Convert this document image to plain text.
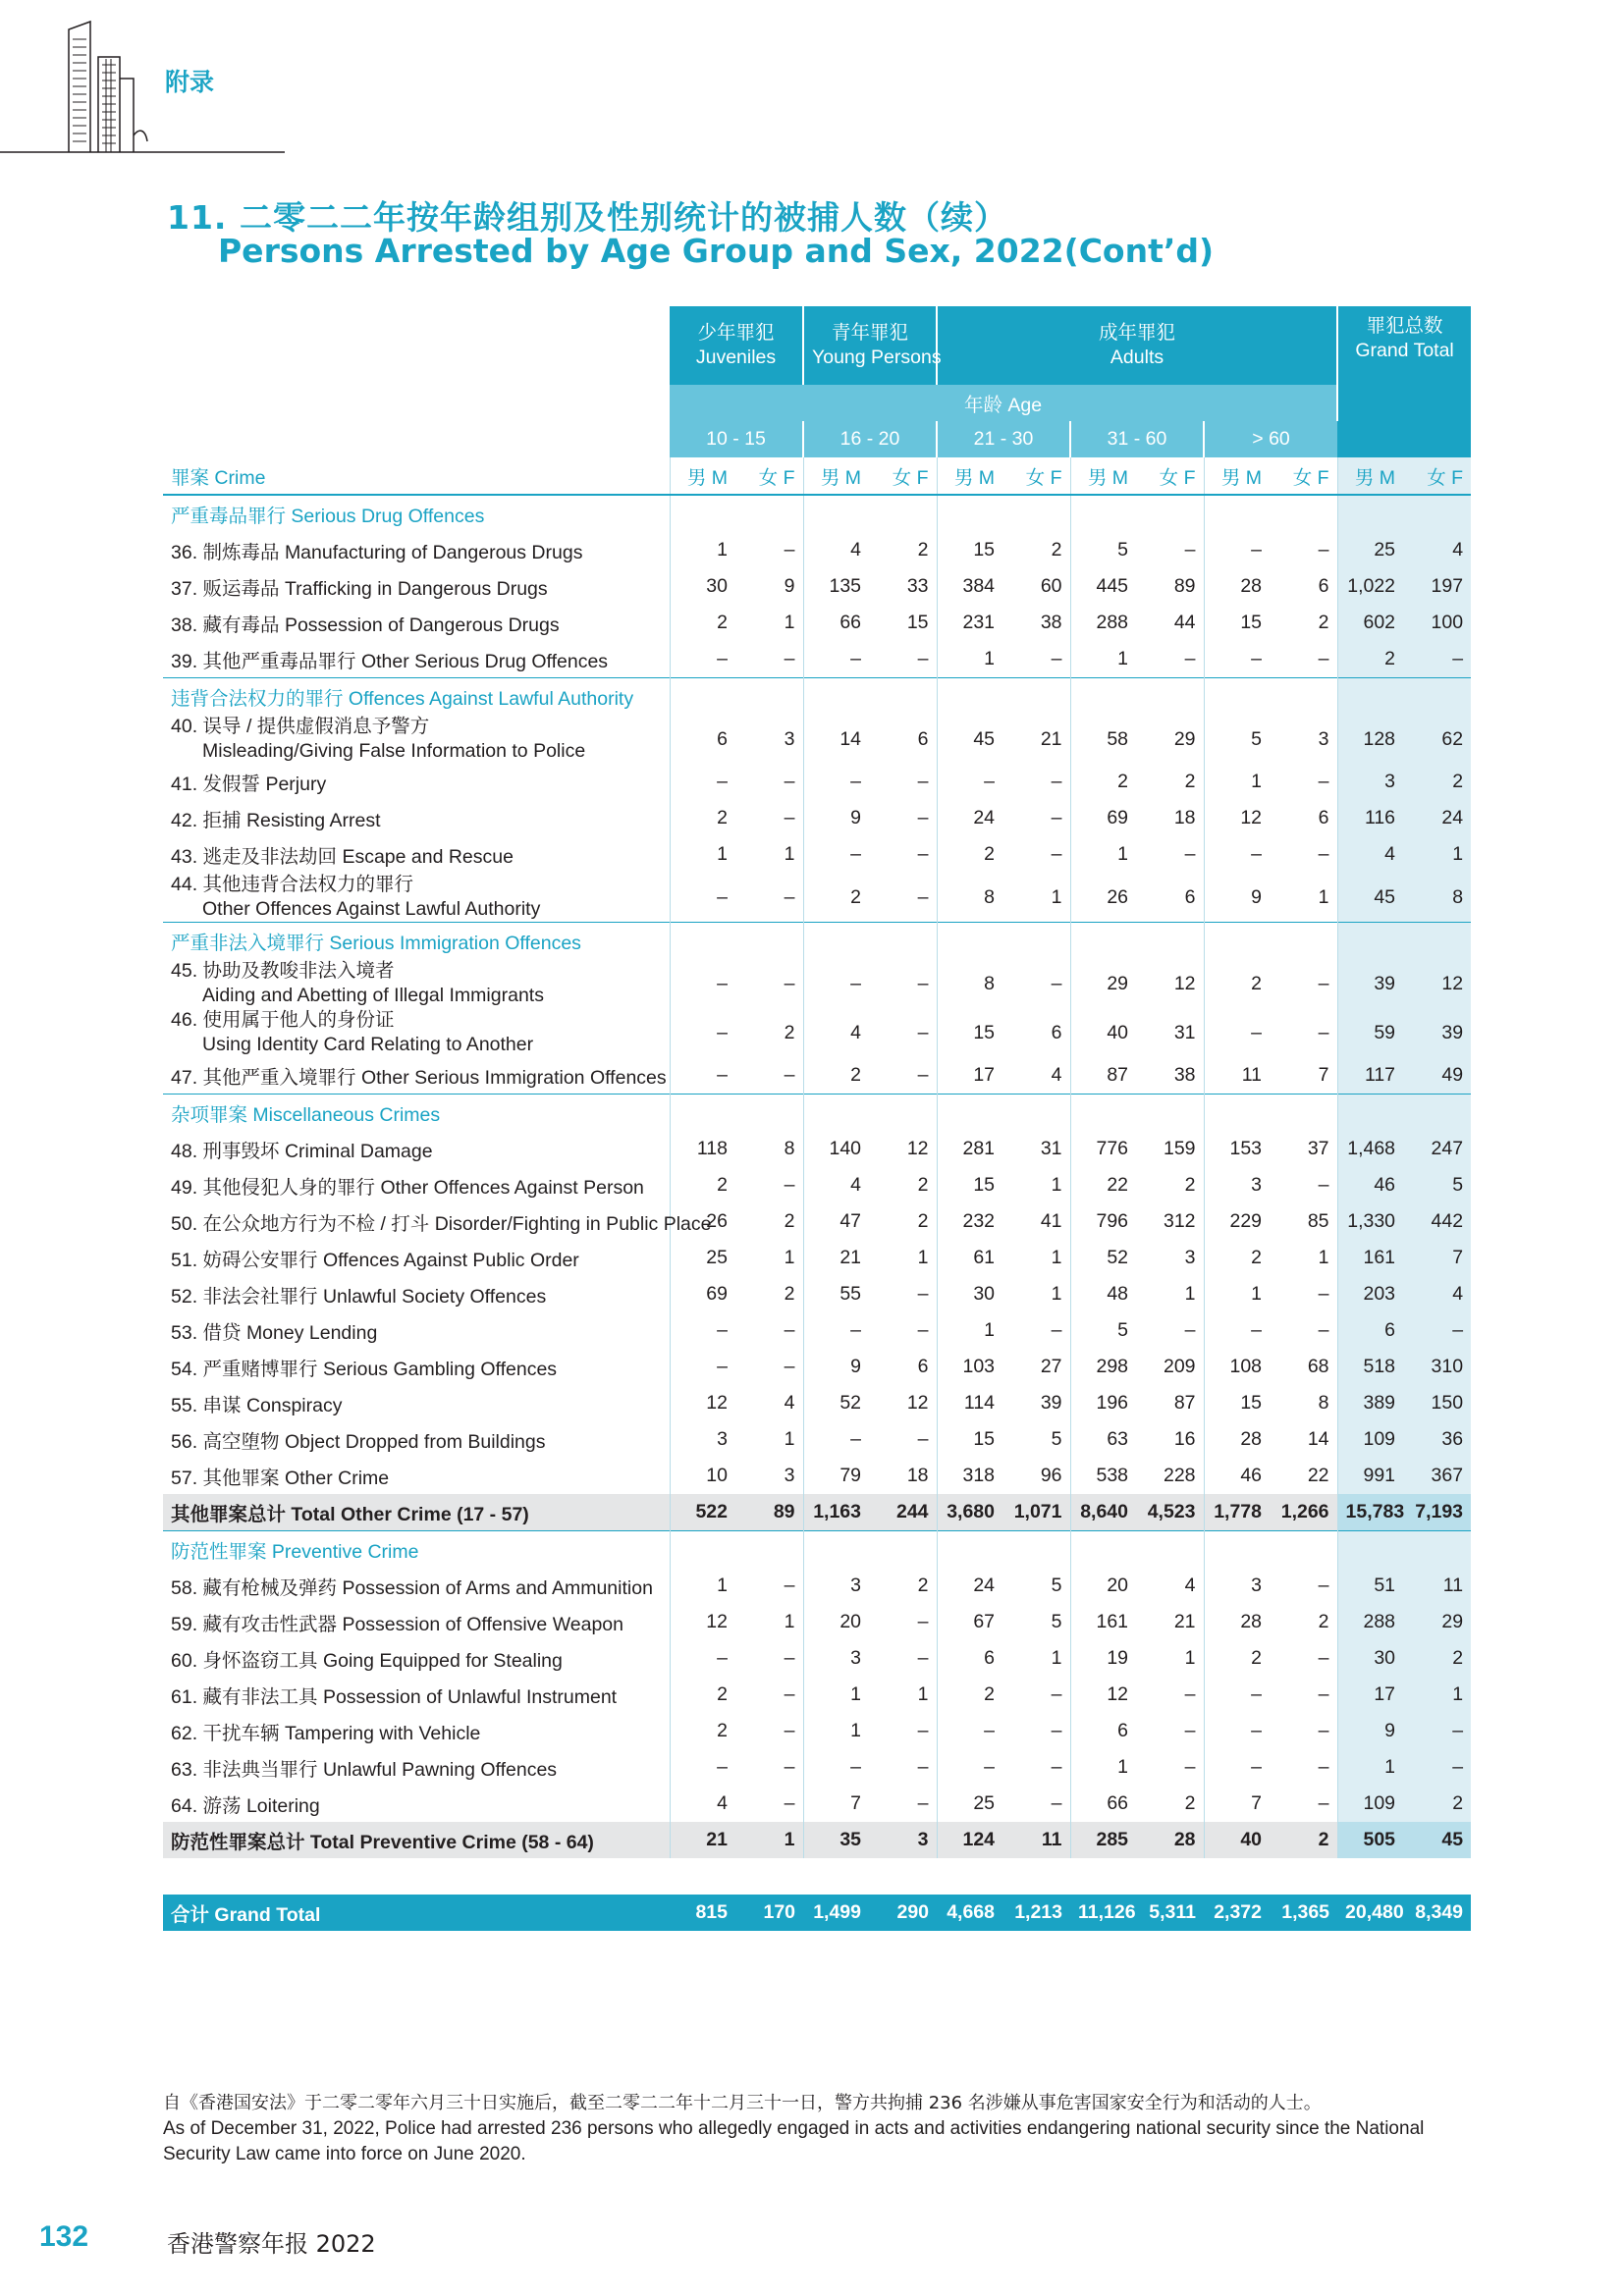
附录
11. 二零二二年按年龄组别及性别统计的被捕人数（续）
Persons Arrested by Age Group and Sex, 2022(Cont’d)
	少年罪犯
Juveniles		青年罪犯
Young Persons		成年罪犯
Adults						罪犯总数
Grand Total	
	年龄 Age											
	10 - 15		16 - 20		21 - 30		31 - 60		> 60			
罪案 Crime	男 M	女 F	男 M	女 F	男 M	女 F	男 M	女 F	男 M	女 F	男 M	女 F
严重毒品罪行 Serious Drug Offences												
36. 制炼毒品 Manufacturing of Dangerous Drugs	1	–	4	2	15	2	5	–	–	–	25	4
37. 贩运毒品 Trafficking in Dangerous Drugs	30	9	135	33	384	60	445	89	28	6	1,022	197
38. 藏有毒品 Possession of Dangerous Drugs	2	1	66	15	231	38	288	44	15	2	602	100
39. 其他严重毒品罪行 Other Serious Drug Offences	–	–	–	–	1	–	1	–	–	–	2	–
违背合法权力的罪行 Offences Against Lawful Authority												
40. 误导 / 提供虚假消息予警方
Misleading/Giving False Information to Police	6	3	14	6	45	21	58	29	5	3	128	62
41. 发假誓 Perjury	–	–	–	–	–	–	2	2	1	–	3	2
42. 拒捕 Resisting Arrest	2	–	9	–	24	–	69	18	12	6	116	24
43. 逃走及非法劫回 Escape and Rescue	1	1	–	–	2	–	1	–	–	–	4	1
44. 其他违背合法权力的罪行
Other Offences Against Lawful Authority	–	–	2	–	8	1	26	6	9	1	45	8
严重非法入境罪行 Serious Immigration Offences												
45. 协助及教唆非法入境者
Aiding and Abetting of Illegal Immigrants	–	–	–	–	8	–	29	12	2	–	39	12
46. 使用属于他人的身份证
Using Identity Card Relating to Another	–	2	4	–	15	6	40	31	–	–	59	39
47. 其他严重入境罪行 Other Serious Immigration Offences	–	–	2	–	17	4	87	38	11	7	117	49
杂项罪案 Miscellaneous Crimes												
48. 刑事毁坏 Criminal Damage	118	8	140	12	281	31	776	159	153	37	1,468	247
49. 其他侵犯人身的罪行 Other Offences Against Person	2	–	4	2	15	1	22	2	3	–	46	5
50. 在公众地方行为不检 / 打斗 Disorder/Fighting in Public Place	26	2	47	2	232	41	796	312	229	85	1,330	442
51. 妨碍公安罪行 Offences Against Public Order	25	1	21	1	61	1	52	3	2	1	161	7
52. 非法会社罪行 Unlawful Society Offences	69	2	55	–	30	1	48	1	1	–	203	4
53. 借贷 Money Lending	–	–	–	–	1	–	5	–	–	–	6	–
54. 严重赌博罪行 Serious Gambling Offences	–	–	9	6	103	27	298	209	108	68	518	310
55. 串谋 Conspiracy	12	4	52	12	114	39	196	87	15	8	389	150
56. 高空堕物 Object Dropped from Buildings	3	1	–	–	15	5	63	16	28	14	109	36
57. 其他罪案 Other Crime	10	3	79	18	318	96	538	228	46	22	991	367
其他罪案总计 Total Other Crime (17 - 57)	522	89	1,163	244	3,680	1,071	8,640	4,523	1,778	1,266	15,783	7,193
防范性罪案 Preventive Crime												
58. 藏有枪械及弹药 Possession of Arms and Ammunition	1	–	3	2	24	5	20	4	3	–	51	11
59. 藏有攻击性武器 Possession of Offensive Weapon	12	1	20	–	67	5	161	21	28	2	288	29
60. 身怀盗窃工具 Going Equipped for Stealing	–	–	3	–	6	1	19	1	2	–	30	2
61. 藏有非法工具 Possession of Unlawful Instrument	2	–	1	1	2	–	12	–	–	–	17	1
62. 干扰车辆 Tampering with Vehicle	2	–	1	–	–	–	6	–	–	–	9	–
63. 非法典当罪行 Unlawful Pawning Offences	–	–	–	–	–	–	1	–	–	–	1	–
64. 游荡 Loitering	4	–	7	–	25	–	66	2	7	–	109	2
防范性罪案总计 Total Preventive Crime (58 - 64)	21	1	35	3	124	11	285	28	40	2	505	45

合计 Grand Total	815	170	1,499	290	4,668	1,213	11,126	5,311	2,372	1,365	20,480	8,349
自《香港国安法》于二零二零年六月三十日实施后，截至二零二二年十二月三十一日，警方共拘捕 236 名涉嫌从事危害国家安全行为和活动的人士。
As of December 31, 2022, Police had arrested 236 persons who allegedly engaged in acts and activities endangering national security since the National Security Law came into force on June 2020.
132	香港警察年报 2022
